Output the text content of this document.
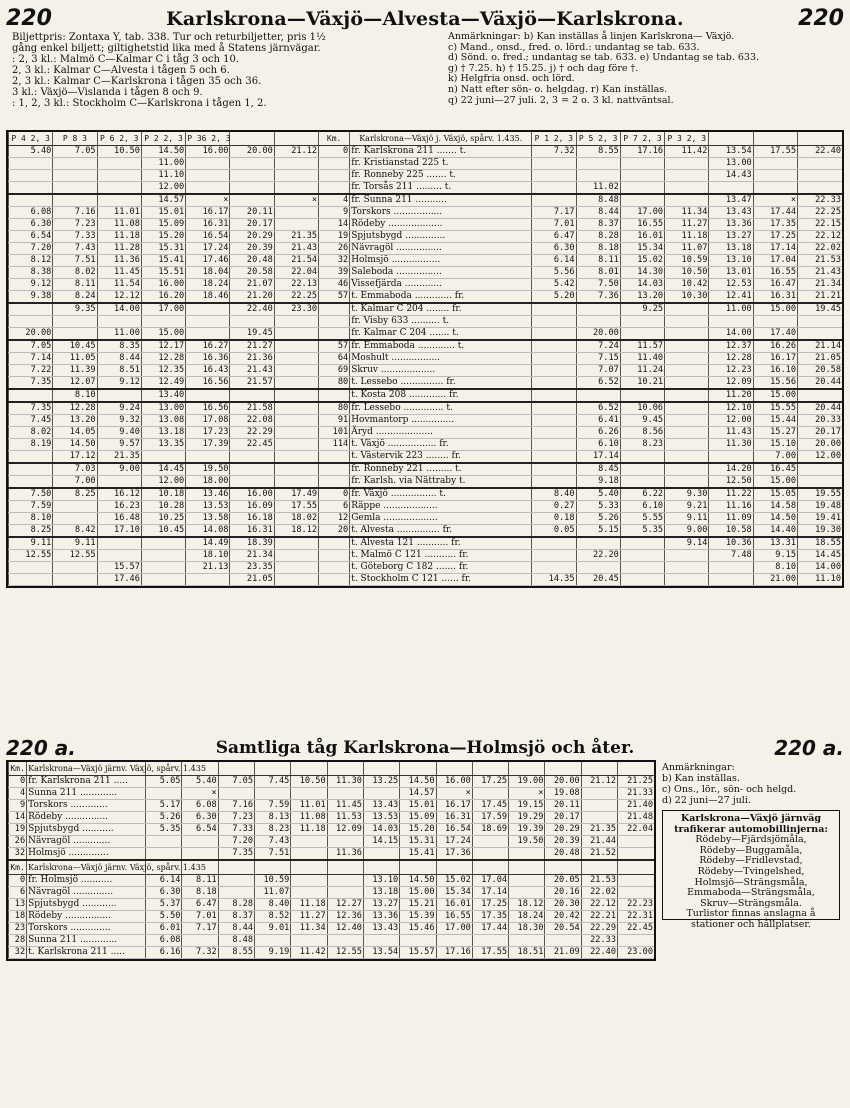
220	Karlskrona—Växjö—Alvesta—Växjö—Karlskrona.	220
Biljettpris: Zontaxa Y, tab. 338. Tur och returbiljetter, pris 1½
gång enkel biljett; giltighetstid lika med å Statens järnvägar.
: 2, 3 kl.: Malmö C—Kalmar C i tåg 3 och 10.
2, 3 kl.: Kalmar C—Alvesta i tågen 5 och 6.
2, 3 kl.: Kalmar C—Karlskrona i tågen 35 och 36.
3 kl.: Växjö—Vislanda i tågen 8 och 9.
: 1, 2, 3 kl.: Stockholm C—Karlskrona i tågen 1, 2.
Anmärkningar: b) Kan inställas å linjen Karlskrona— Växjö.
c) Mand., onsd., fred. o. lörd.: undantag se tab. 633.
d) Sönd. o. fred.; undantag se tab. 633. e) Undantag se tab. 633.
g) † 7.25. h) † 15.25. j) † och dag före †.
k) Helgfria onsd. och lörd.
n) Natt efter sön- o. helgdag. r) Kan inställas.
q) 22 juni—27 juli. 2, 3 = 2 o. 3 kl. nattväntsal.
P 4 2, 3	P 8 3	P 6 2, 3	P 2 2, 3	P 36 2, 3			Km.	Karlskrona—Växjö j. Växjö, spårv. 1.435.	P 1 2, 3	P 5 2, 3	P 7 2, 3	P 3 2, 3			
5.40	7.05	10.50	14.50	16.00	20.00	21.12	0	fr. Karlskrona 211 ....... t.	7.32	8.55	17.16	11.42	13.54	17.55	22.40
			11.00					fr. Kristianstad 225 t.					13.00		
			11.10					fr. Ronneby 225 ....... t.					14.43		
			12.00					fr. Torsås 211 ......... t.		11.02					
			14.57	×		×	4	fr. Sunna 211 ...........		8.48			13.47	×	22.33
6.08	7.16	11.01	15.01	16.17	20.11		9	Torskors .................	7.17	8.44	17.00	11.34	13.43	17.44	22.25
6.30	7.23	11.08	15.09	16.31	20.17		14	Rödeby ...................	7.01	8.37	16.55	11.27	13.36	17.35	22.15
6.54	7.33	11.18	15.20	16.54	20.29	21.35	19	Spjutsbygd ..............	6.47	8.28	16.01	11.18	13.27	17.25	22.12
7.20	7.43	11.28	15.31	17.24	20.39	21.43	26	Nävragöl ................	6.30	8.18	15.34	11.07	13.18	17.14	22.02
8.12	7.51	11.36	15.41	17.46	20.48	21.54	32	Holmsjö .................	6.14	8.11	15.02	10.59	13.10	17.04	21.53
8.38	8.02	11.45	15.51	18.04	20.58	22.04	39	Saleboda ................	5.56	8.01	14.30	10.50	13.01	16.55	21.43
9.12	8.11	11.54	16.00	18.24	21.07	22.13	46	Vissefjärda .............	5.42	7.50	14.03	10.42	12.53	16.47	21.34
9.38	8.24	12.12	16.20	18.46	21.20	22.25	57	t. Emmaboda ............. fr.	5.20	7.36	13.20	10.30	12.41	16.31	21.21
	9.35	14.00	17.00		22.40	23.30		t. Kalmar C 204 ........ fr.			9.25		11.00	15.00	19.45
								fr. Visby 633 .......... t.							
20.00		11.00	15.00		19.45			fr. Kalmar C 204 ....... t.		20.00			14.00	17.40	
7.05	10.45	8.35	12.17	16.27	21.27		57	fr. Emmaboda ............. t.		7.24	11.57		12.37	16.26	21.14
7.14	11.05	8.44	12.28	16.36	21.36		64	Moshult .................		7.15	11.40		12.28	16.17	21.05
7.22	11.39	8.51	12.35	16.43	21.43		69	Skruv ...................		7.07	11.24		12.23	16.10	20.58
7.35	12.07	9.12	12.49	16.56	21.57		80	t. Lessebo ............... fr.		6.52	10.21		12.09	15.56	20.44
	8.10		13.40					t. Kosta 208 ............. fr.					11.20	15.00	
7.35	12.28	9.24	13.00	16.56	21.58		80	fr. Lessebo .............. t.		6.52	10.06		12.10	15.55	20.44
7.45	13.20	9.32	13.08	17.08	22.08		91	Hovmantorp ...............		6.41	9.45		12.00	15.44	20.33
8.02	14.05	9.40	13.18	17.23	22.29		101	Äryd ....................		6.26	8.56		11.43	15.27	20.17
8.19	14.50	9.57	13.35	17.39	22.45		114	t. Växjö ................. fr.		6.10	8.23		11.30	15.10	20.00
	17.12	21.35						t. Västervik 223 ........ fr.		17.14				7.00	12.00
	7.03	9.00	14.45	19.50				fr. Ronneby 221 ......... t.		8.45			14.20	16.45	
	7.00		12.00	18.00				fr. Karlsh. via Nättraby t.		9.18			12.50	15.00	
7.50	8.25	16.12	10.18	13.46	16.00	17.49	0	fr. Växjö ................ t.	8.40	5.40	6.22	9.30	11.22	15.05	19.55
7.59		16.23	10.28	13.53	16.09	17.55	6	Räppe ...................	0.27	5.33	6.10	9.21	11.16	14.58	19.48
8.10		16.48	10.25	13.58	16.18	18.02	12	Gemla ...................	0.18	5.26	5.55	9.11	11.09	14.50	19.41
8.25	8.42	17.10	10.45	14.08	16.31	18.12	20	t. Alvesta ............... fr.	0.05	5.15	5.35	9.00	10.58	14.40	19.30
9.11	9.11			14.49	18.39			t. Alvesta 121 ........... fr.				9.14	10.36	13.31	18.55
12.55	12.55			18.10	21.34			t. Malmö C 121 ........... fr.		22.20			7.48	9.15	14.45
		15.57		21.13	23.35			t. Göteborg C 182 ....... fr.						8.10	14.00
		17.46			21.05			t. Stockholm C 121 ...... fr.	14.35	20.45				21.00	11.10
220 a.	Samtliga tåg Karlskrona—Holmsjö och åter.	220 a.
Km.	Karlskrona—Växjö järnv. Växjö, spårv. 1.435														
0	fr. Karlskrona 211 .....	5.05	5.40	7.05	7.45	10.50	11.30	13.25	14.50	16.00	17.25	19.00	20.00	21.12	21.25
4	Sunna 211 .............		×						14.57	×		×	19.08		21.33
9	Torskors .............	5.17	6.08	7.16	7.59	11.01	11.45	13.43	15.01	16.17	17.45	19.15	20.11		21.40
14	Rödeby ...............	5.26	6.30	7.23	8.13	11.08	11.53	13.53	15.09	16.31	17.59	19.29	20.17		21.48
19	Spjutsbygd ...........	5.35	6.54	7.33	8.23	11.18	12.09	14.03	15.20	16.54	18.69	19.39	20.29	21.35	22.04
26	Nävragöl .............			7.20	7.43			14.15	15.31	17.24		19.50	20.39	21.44	
32	Holmsjö ..............			7.35	7.51		11.36		15.41	17.36			20.48	21.52	
Km.	Karlskrona—Växjö järnv. Växjö, spårv. 1.435														
0	fr. Holmsjö ...........	6.14	8.11		10.59			13.10	14.50	15.02	17.04		20.05	21.53	
6	Nävragöl ..............	6.30	8.18		11.07			13.18	15.00	15.34	17.14		20.16	22.02	
13	Spjutsbygd ............	5.37	6.47	8.28	8.40	11.18	12.27	13.27	15.21	16.01	17.25	18.12	20.30	22.12	22.23
18	Rödeby ................	5.50	7.01	8.37	8.52	11.27	12.36	13.36	15.39	16.55	17.35	18.24	20.42	22.21	22.31
23	Torskors ..............	6.01	7.17	8.44	9.01	11.34	12.40	13.43	15.46	17.00	17.44	18.30	20.54	22.29	22.45
28	Sunna 211 .............	6.08		8.48										22.33	
32	t. Karlskrona 211 .....	6.16	7.32	8.55	9.19	11.42	12.55	13.54	15.57	17.16	17.55	18.51	21.09	22.40	23.00
Anmärkningar:
b) Kan inställas.
c) Ons., lör., sön- och helgd.
d) 22 juni—27 juli.
Karlskrona—Växjö järnväg trafikerar automobillinjerna:
Rödeby—Fjärdsjömåla,
Rödeby—Buggamåla,
Rödeby—Fridlevstad,
Rödeby—Tvingelshed,
Holmsjö—Strängsmåla,
Emmaboda—Strängsmåla,
Skruv—Strängsmåla.
Turlistor finnas anslagna å stationer och hållplatser.
